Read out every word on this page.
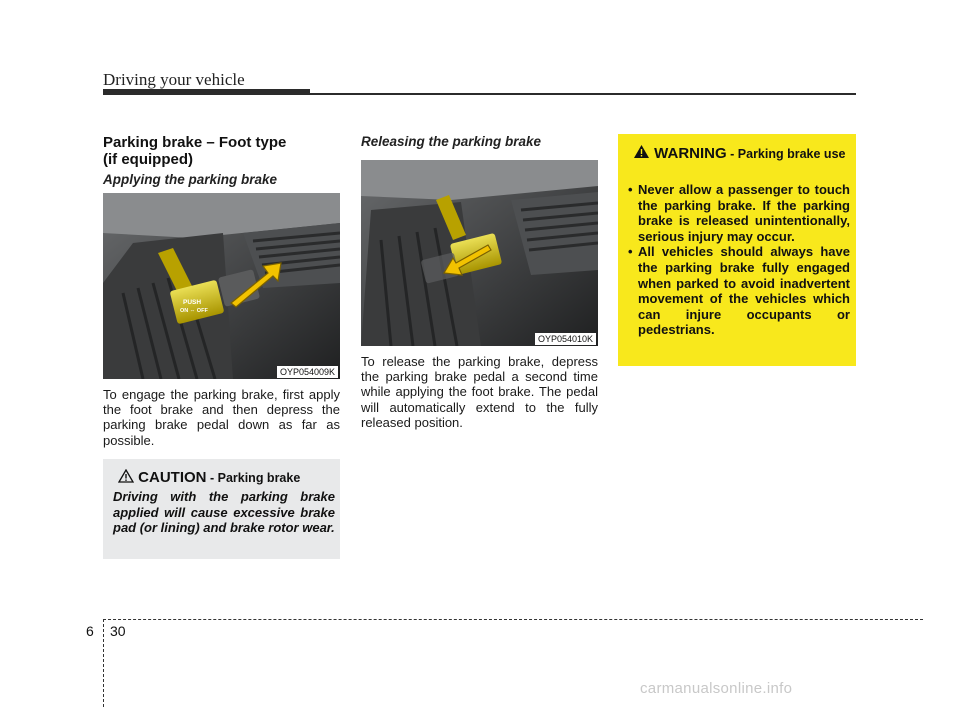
Driving your vehicle
Parking brake – Foot type
(if equipped)
Applying the parking brake
PUSH
ON ⇔ OFF
OYP054009K
To engage the parking brake, first apply the foot brake and then depress the parking brake pedal down as far as possible.
CAUTION - Parking brake
Driving with the parking brake applied will cause excessive brake pad (or lining) and brake rotor wear.
Releasing the parking brake
OYP054010K
To release the parking brake, depress the parking brake pedal a second time while applying the foot brake. The pedal will automatically extend to the fully released position.
WARNING - Parking brake use
• Never allow a passenger to touch the parking brake. If the parking brake is released unintentionally, serious injury may occur.
• All vehicles should always have the parking brake fully engaged when parked to avoid inadvertent movement of the vehicles which can injure occupants or pedestrians.
6 30
carmanualsonline.info
